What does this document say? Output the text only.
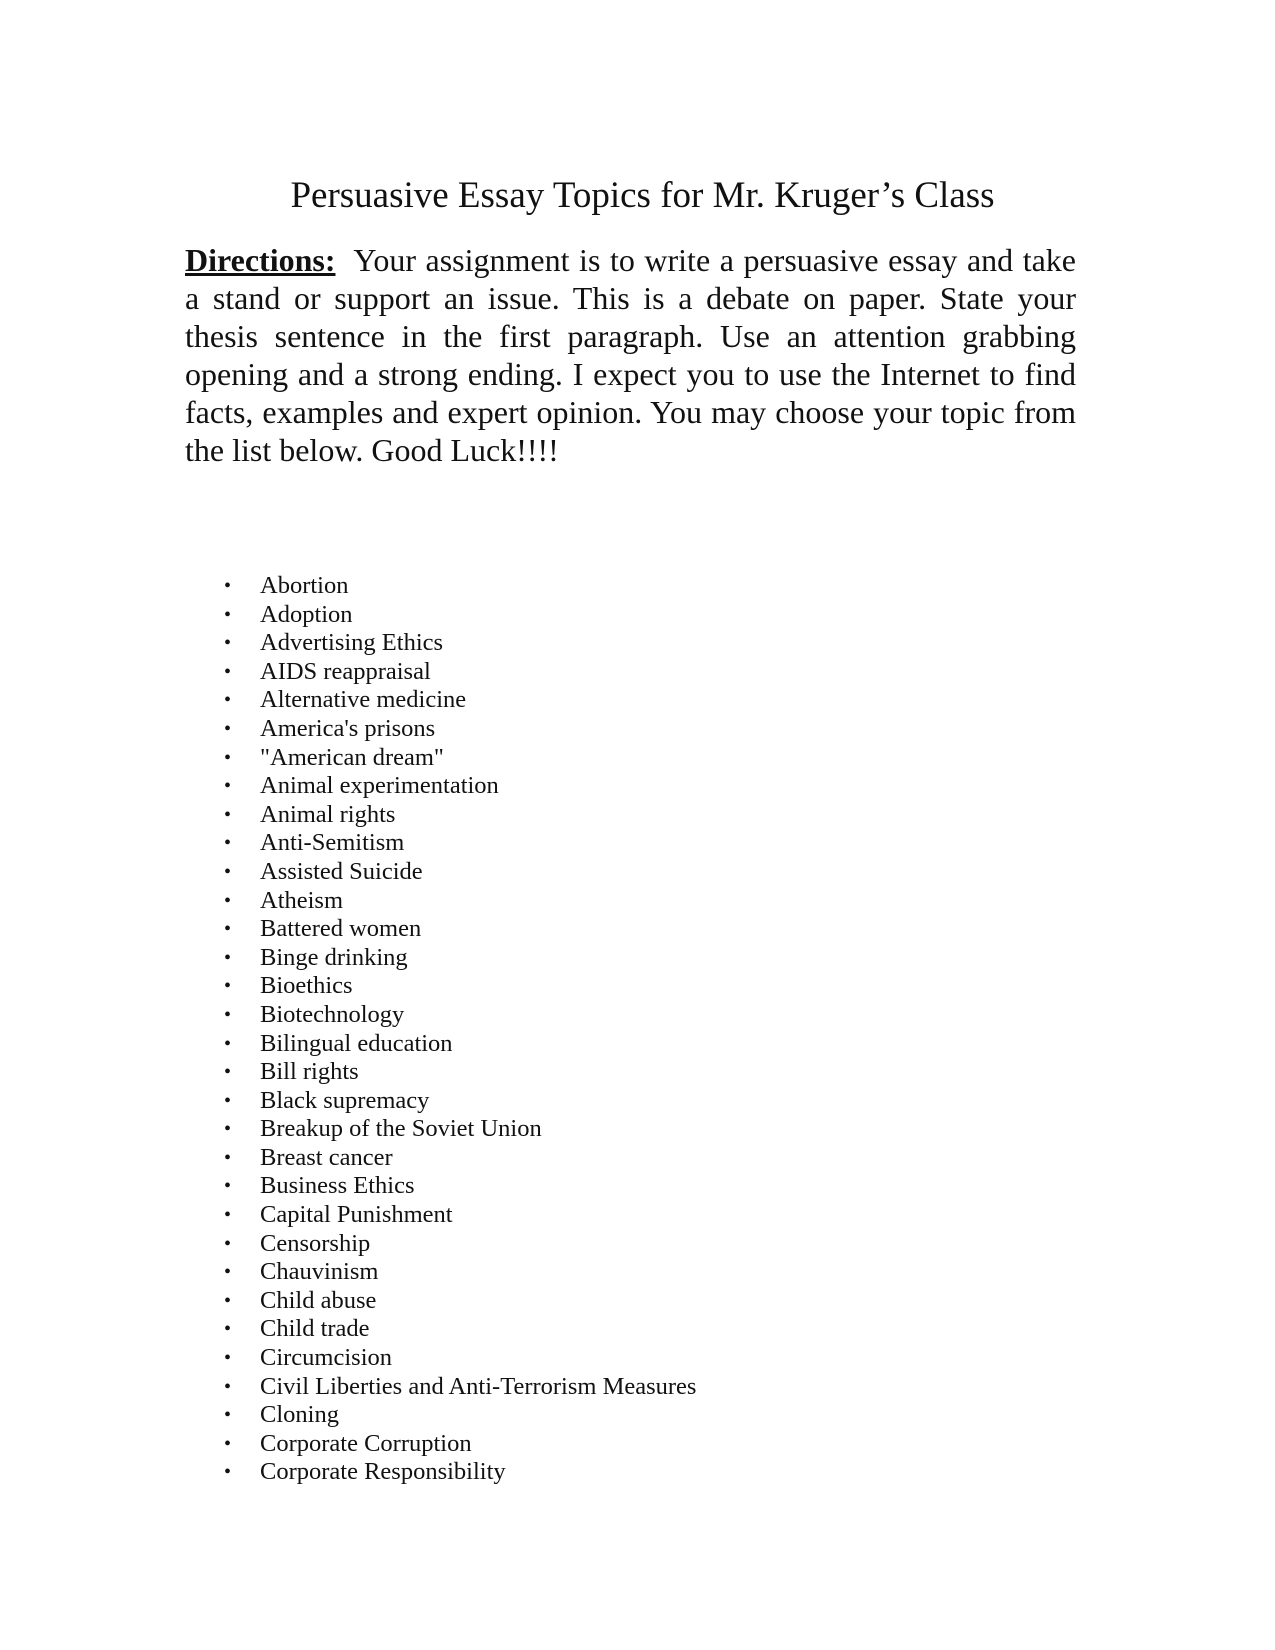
Persuasive Essay Topics for Mr. Kruger’s Class

Directions: Your assignment is to write a persuasive essay and take a stand or support an issue. This is a debate on paper. State your thesis sentence in the first paragraph. Use an attention grabbing opening and a strong ending. I expect you to use the Internet to find facts, examples and expert opinion. You may choose your topic from the list below. Good Luck!!!!

• Abortion
• Adoption
• Advertising Ethics
• AIDS reappraisal
• Alternative medicine
• America's prisons
• "American dream"
• Animal experimentation
• Animal rights
• Anti-Semitism
• Assisted Suicide
• Atheism
• Battered women
• Binge drinking
• Bioethics
• Biotechnology
• Bilingual education
• Bill rights
• Black supremacy
• Breakup of the Soviet Union
• Breast cancer
• Business Ethics
• Capital Punishment
• Censorship
• Chauvinism
• Child abuse
• Child trade
• Circumcision
• Civil Liberties and Anti-Terrorism Measures
• Cloning
• Corporate Corruption
• Corporate Responsibility
